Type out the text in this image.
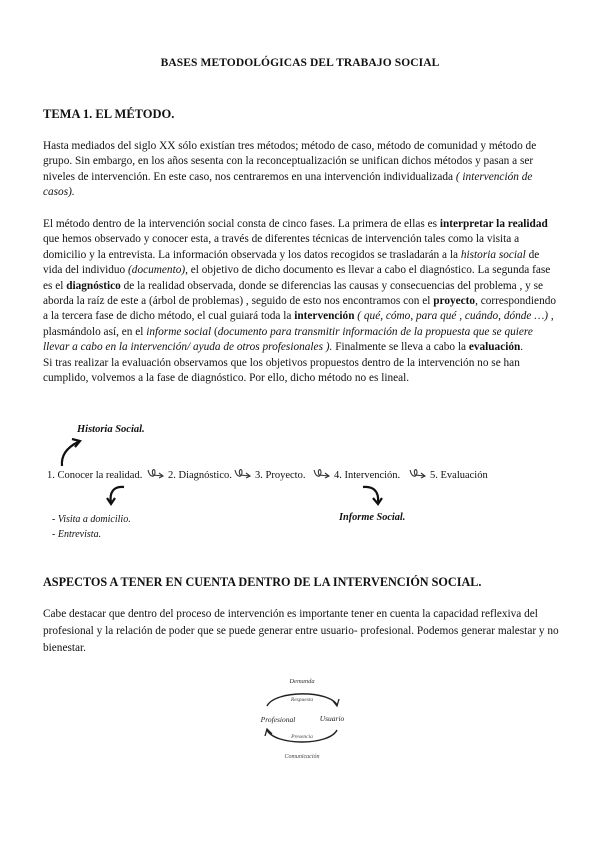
BASES METODOLÓGICAS DEL TRABAJO SOCIAL
TEMA 1. EL MÉTODO.
Hasta mediados del siglo XX sólo existían tres métodos; método de caso, método de comunidad y método de grupo. Sin embargo, en los años sesenta con la reconceptualización se unifican dichos métodos y pasan a ser niveles de intervención. En este caso, nos centraremos en una intervención individualizada ( intervención de casos).
El método dentro de la intervención social consta de cinco fases. La primera de ellas es interpretar la realidad que hemos observado y conocer esta, a través de diferentes técnicas de intervención tales como la visita a domicilio y la entrevista. La información observada y los datos recogidos se trasladarán a la historia social de vida del individuo (documento), el objetivo de dicho documento es llevar a cabo el diagnóstico. La segunda fase es el diagnóstico de la realidad observada, donde se diferencias las causas y consecuencias del problema , y se aborda la raíz de este a (árbol de problemas) , seguido de esto nos encontramos con el proyecto, correspondiendo a la tercera fase de dicho método, el cual guiará toda la intervención ( qué, cómo, para qué , cuándo, dónde …) , plasmándolo así, en el informe social (documento para transmitir información de la propuesta que se quiere llevar a cabo en la intervención/ ayuda de otros profesionales ). Finalmente se lleva a cabo la evaluación.
Si tras realizar la evaluación observamos que los objetivos propuestos dentro de la intervención no se han cumplido, volvemos a la fase de diagnóstico. Por ello, dicho método no es lineal.
Historia Social.
1. Conocer la realidad. 2. Diagnóstico. 3. Proyecto.	4. Intervención.	5. Evaluación
- Visita a domicilio.
- Entrevista.
Informe Social.
ASPECTOS A TENER EN CUENTA DENTRO DE LA INTERVENCIÓN SOCIAL.
Cabe destacar que dentro del proceso de intervención es importante tener en cuenta la capacidad reflexiva del profesional y la relación de poder que se puede generar entre usuario- profesional. Podemos generar malestar y no bienestar.
Demanda
Respuesta
Profesional	Usuario
Presencia
Comunicación
